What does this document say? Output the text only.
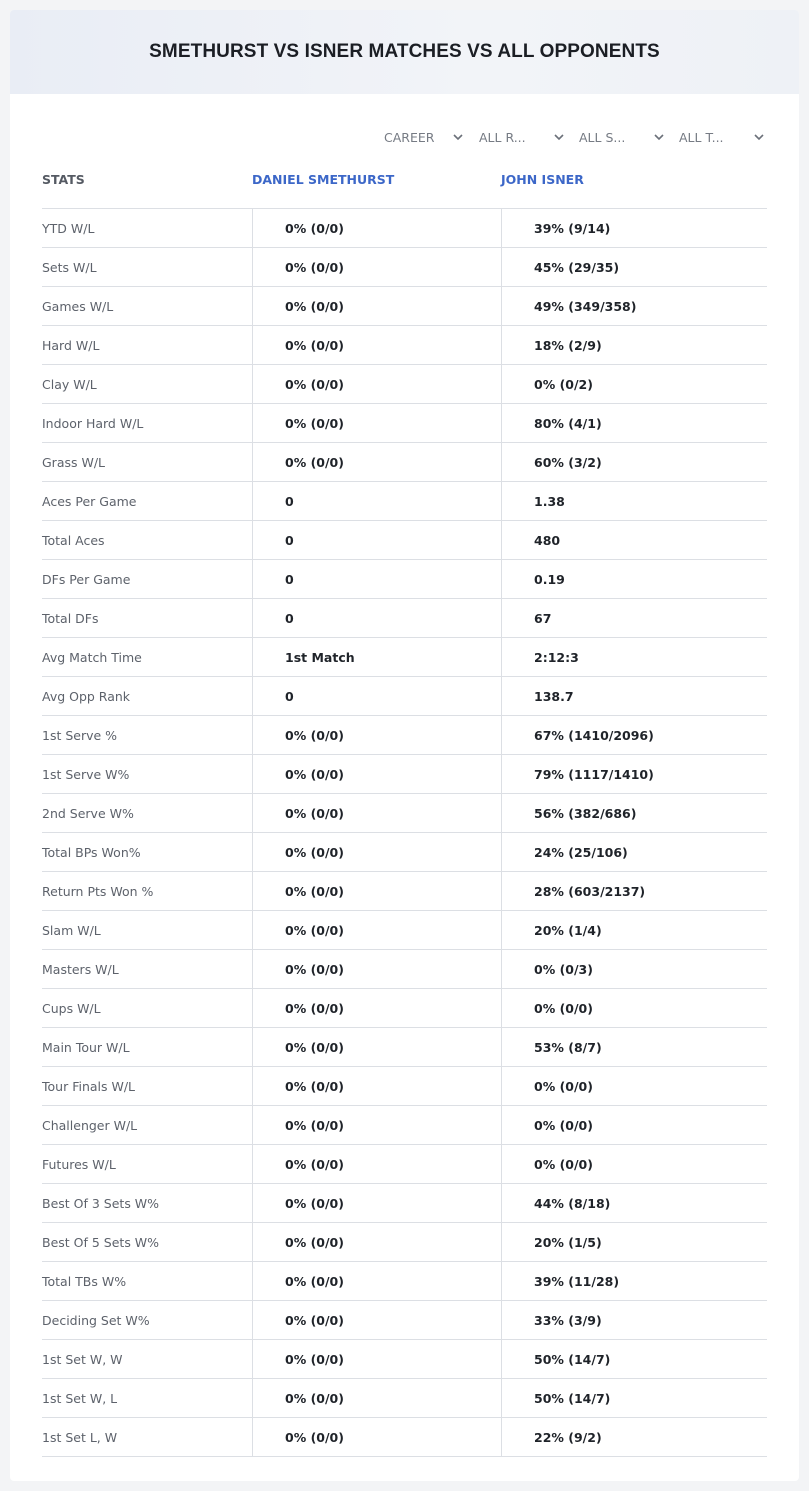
SMETHURST VS ISNER MATCHES VS ALL OPPONENTS
CAREER	ALL R...	ALL S...	ALL T...
STATS	DANIEL SMETHURST	JOHN ISNER
YTD W/L	0% (0/0)	39% (9/14)
Sets W/L	0% (0/0)	45% (29/35)
Games W/L	0% (0/0)	49% (349/358)
Hard W/L	0% (0/0)	18% (2/9)
Clay W/L	0% (0/0)	0% (0/2)
Indoor Hard W/L	0% (0/0)	80% (4/1)
Grass W/L	0% (0/0)	60% (3/2)
Aces Per Game	0	1.38
Total Aces	0	480
DFs Per Game	0	0.19
Total DFs	0	67
Avg Match Time	1st Match	2:12:3
Avg Opp Rank	0	138.7
1st Serve %	0% (0/0)	67% (1410/2096)
1st Serve W%	0% (0/0)	79% (1117/1410)
2nd Serve W%	0% (0/0)	56% (382/686)
Total BPs Won%	0% (0/0)	24% (25/106)
Return Pts Won %	0% (0/0)	28% (603/2137)
Slam W/L	0% (0/0)	20% (1/4)
Masters W/L	0% (0/0)	0% (0/3)
Cups W/L	0% (0/0)	0% (0/0)
Main Tour W/L	0% (0/0)	53% (8/7)
Tour Finals W/L	0% (0/0)	0% (0/0)
Challenger W/L	0% (0/0)	0% (0/0)
Futures W/L	0% (0/0)	0% (0/0)
Best Of 3 Sets W%	0% (0/0)	44% (8/18)
Best Of 5 Sets W%	0% (0/0)	20% (1/5)
Total TBs W%	0% (0/0)	39% (11/28)
Deciding Set W%	0% (0/0)	33% (3/9)
1st Set W, W	0% (0/0)	50% (14/7)
1st Set W, L	0% (0/0)	50% (14/7)
1st Set L, W	0% (0/0)	22% (9/2)
